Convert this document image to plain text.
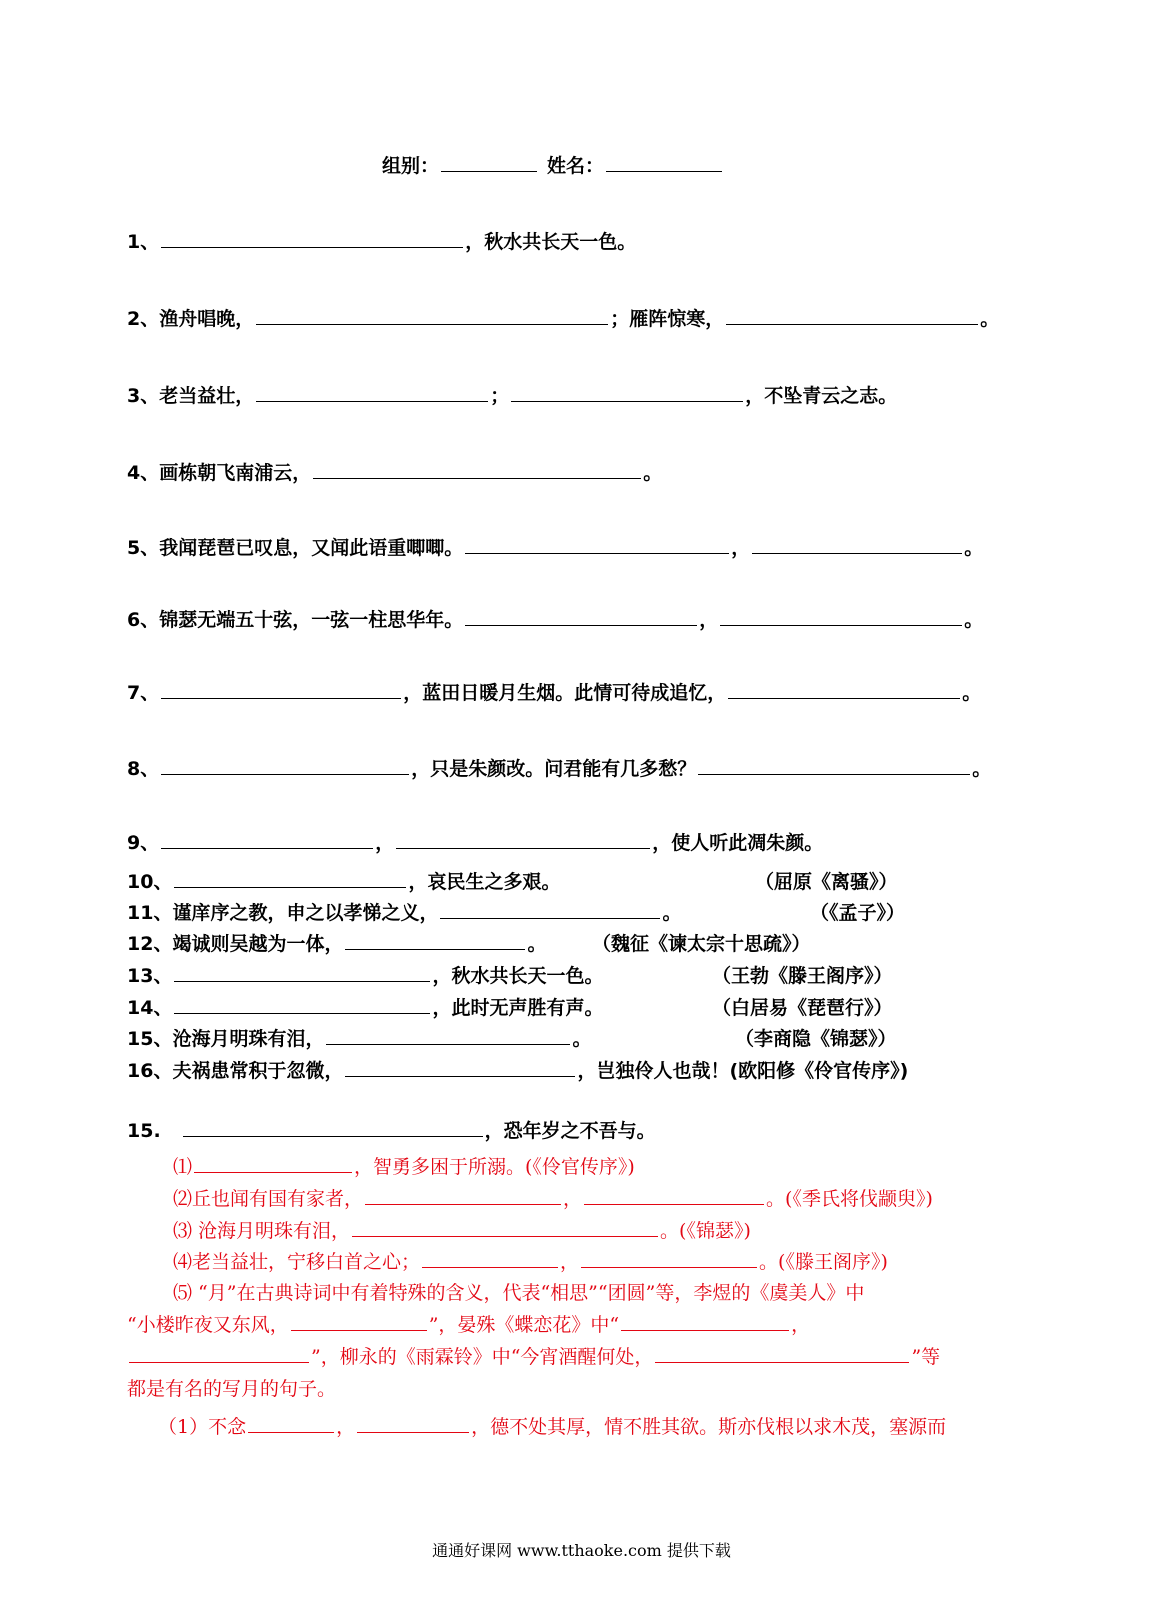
组别：	姓名：
1、	，秋水共长天一色。
2、渔舟唱晚，	；雁阵惊寒，	。
3、老当益壮，	；	，不坠青云之志。
4、画栋朝飞南浦云，	。
5、我闻琵琶已叹息，又闻此语重唧唧。	，	。
6、锦瑟无端五十弦，一弦一柱思华年。	，	。
7、	，蓝田日暖月生烟。此情可待成追忆，	。
8、	，只是朱颜改。问君能有几多愁？	。
9、	，	，使人听此凋朱颜。
10、	，哀民生之多艰。	（屈原《离骚》）
11、谨庠序之教，申之以孝悌之义，	。	（《孟子》）
12、竭诚则吴越为一体，	。 （魏征《谏太宗十思疏》）
13、	，秋水共长天一色。	（王勃《滕王阁序》）
14、	，此时无声胜有声。	（白居易《琵琶行》）
15、沧海月明珠有泪，	。	（李商隐《锦瑟》）
16、夫祸患常积于忽微，	，岂独伶人也哉！(欧阳修《伶官传序》)
15.	，恐年岁之不吾与。
⑴	，智勇多困于所溺。(《伶官传序》)
⑵丘也闻有国有家者，	，	。(《季氏将伐颛臾》)
⑶ 沧海月明珠有泪，	。(《锦瑟》)
⑷老当益壮，宁移白首之心；	，	。(《滕王阁序》)
⑸ “月”在古典诗词中有着特殊的含义，代表“相思”“团圆”等，李煜的《虞美人》中
“小楼昨夜又东风，	”，晏殊《蝶恋花》中“	，
”，柳永的《雨霖铃》中“今宵酒醒何处，	”等
都是有名的写月的句子。
（1）不念	，	，德不处其厚，情不胜其欲。斯亦伐根以求木茂，塞源而
通通好课网 www.tthaoke.com 提供下载
